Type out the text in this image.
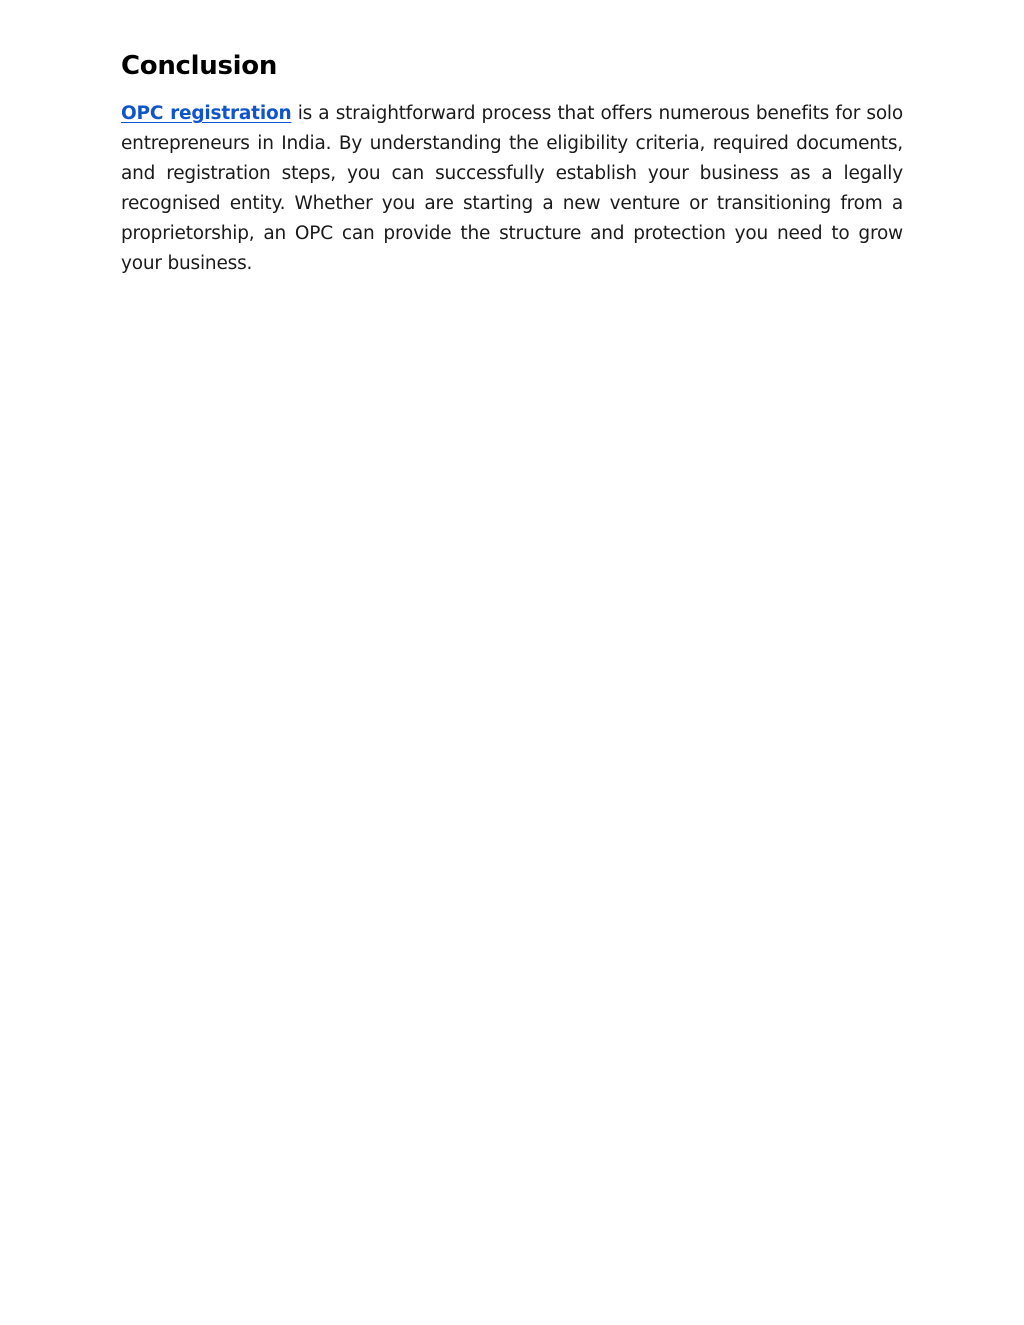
Conclusion

OPC registration is a straightforward process that offers numerous benefits for solo entrepreneurs in India. By understanding the eligibility criteria, required documents, and registration steps, you can successfully establish your business as a legally recognised entity. Whether you are starting a new venture or transitioning from a proprietorship, an OPC can provide the structure and protection you need to grow your business.
